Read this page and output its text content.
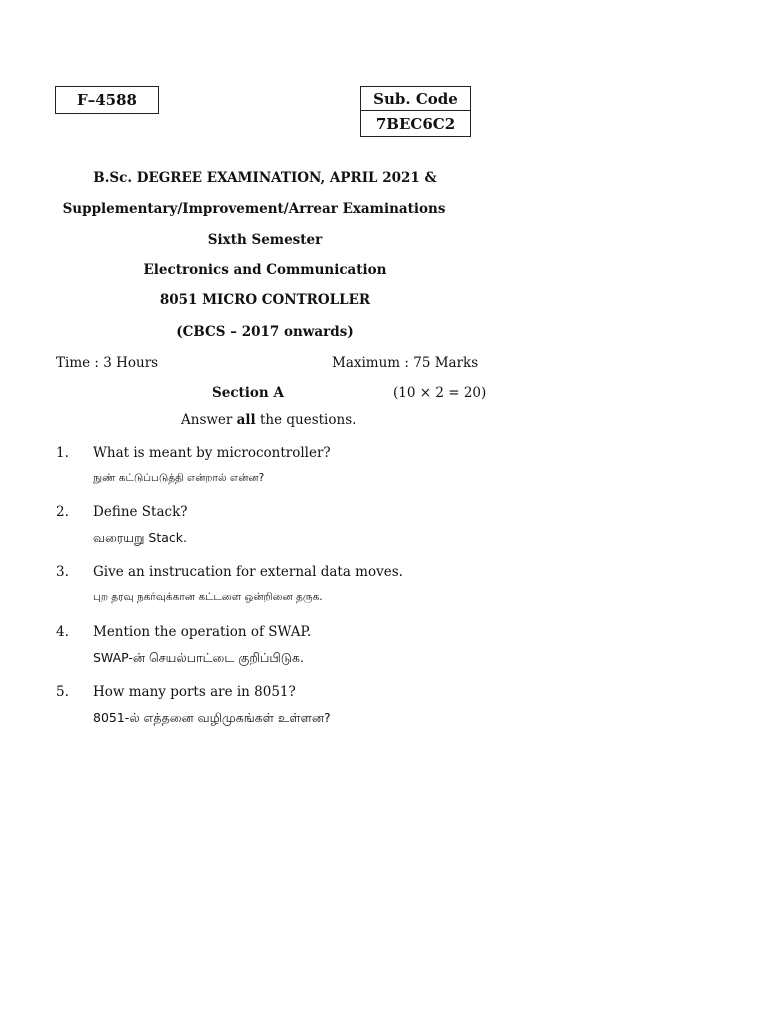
F–4588	Sub. Code
7BEC6C2
B.Sc. DEGREE EXAMINATION, APRIL 2021 &
Supplementary/Improvement/Arrear Examinations
Sixth Semester
Electronics and Communication
8051 MICRO CONTROLLER
(CBCS – 2017 onwards)
Time : 3 Hours	Maximum : 75 Marks
Section A	(10 × 2 = 20)
Answer all the questions.
1. What is meant by microcontroller?
நுண் கட்டுப்படுத்தி என்றால் என்ன?
2. Define Stack?
வரையறு Stack.
3. Give an instrucation for external data moves.
புற தரவு நகர்வுக்கான கட்டளை ஒன்றினை தருக.
4. Mention the operation of SWAP.
SWAP-ன் செயல்பாட்டை குறிப்பிடுக.
5. How many ports are in 8051?
8051-ல் எத்தனை வழிமுகங்கள் உள்ளன?
